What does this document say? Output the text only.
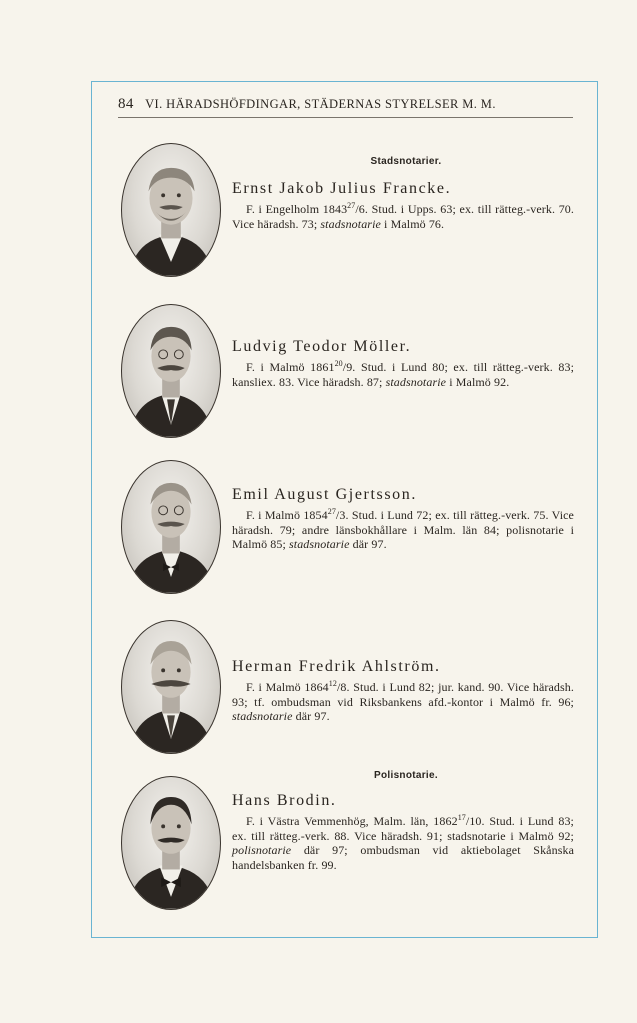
84 VI. HÄRADSHÖFDINGAR, STÄDERNAS STYRELSER M. M.
Stadsnotarier.
Polisnotarie.

Ernst Jakob Julius Francke.

F. i Engelholm 1843$^{27}$/6. Stud. i Upps. 63; ex. till rätteg.-verk. 70. Vice häradsh. 73; stadsnotarie i Malmö 76.

Ludvig Teodor Möller.

F. i Malmö 1861$^{20}$/9. Stud. i Lund 80; ex. till rätteg.-verk. 83; kansliex. 83. Vice häradsh. 87; stadsnotarie i Malmö 92.

Emil August Gjertsson.

F. i Malmö 1854$^{27}$/3. Stud. i Lund 72; ex. till rätteg.-verk. 75. Vice häradsh. 79; andre länsbokhållare i Malm. län 84; polisnotarie i Malmö 85; stadsnotarie där 97.

Herman Fredrik Ahlström.

F. i Malmö 1864$^{12}$/8. Stud. i Lund 82; jur. kand. 90. Vice häradsh. 93; tf. ombudsman vid Riksbankens afd.-kontor i Malmö fr. 96; stadsnotarie där 97.

Hans Brodin.

F. i Västra Vemmenhög, Malm. län, 1862$^{17}$/10. Stud. i Lund 83; ex. till rätteg.-verk. 88. Vice häradsh. 91; stadsnotarie i Malmö 92; polisnotarie där 97; ombudsman vid aktiebolaget Skånska handelsbanken fr. 99.
